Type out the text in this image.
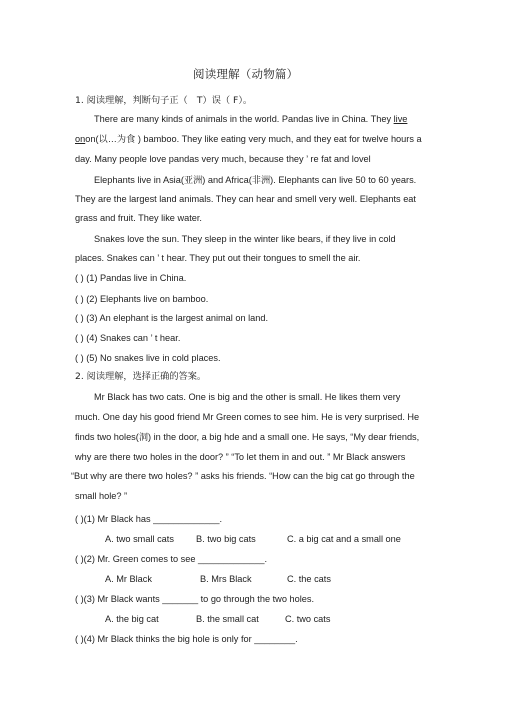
阅读理解（动物篇）
1. 阅读理解，判断句子正（　T）误（ F）。
There are many kinds of animals in the world. Pandas live in China. They live
onon(以…为食 ) bamboo. They like eating very much, and they eat for twelve hours a
day. Many people love pandas very much, because they ’ re fat and lovel
Elephants live in Asia(亚洲) and Africa(非洲). Elephants can live 50 to 60 years.
They are the largest land animals. They can hear and smell very well. Elephants eat
grass and fruit. They like water.
Snakes love the sun. They sleep in the winter like bears, if they live in cold
places. Snakes can ’ t hear. They put out their tongues to smell the air.
( ) (1) Pandas live in China.
( ) (2) Elephants live on bamboo.
( ) (3) An elephant is the largest animal on land.
( ) (4) Snakes can ’ t hear.
( ) (5) No snakes live in cold places.
2. 阅读理解，选择正确的答案。
Mr Black has two cats. One is big and the other is small. He likes them very
much. One day his good friend Mr Green comes to see him. He is very surprised. He
finds two holes(洞) in the door, a big hde and a small one. He says, “My dear friends,
why are there two holes in the door? ” “To let them in and out. ” Mr Black answers
“But why are there two holes? ” asks his friends. “How can the big cat go through the
small hole? ”
( )(1) Mr Black has _____________.
A. two small cats B. two big cats	C. a big cat and a small one
( )(2) Mr. Green comes to see _____________.
A. Mr Black	B. Mrs Black	C. the cats
( )(3) Mr Black wants _______ to go through the two holes.
A. the big cat	B. the small cat	C. two cats
( )(4) Mr Black thinks the big hole is only for ________.
